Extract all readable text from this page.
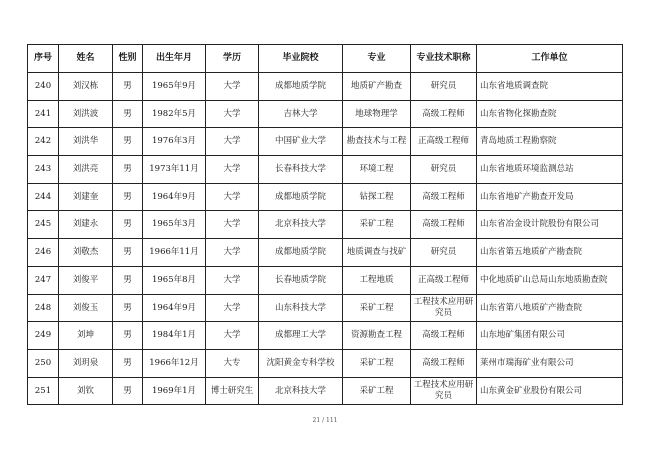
序号	姓名	性别	出生年月	学历	毕业院校	专业	专业技术职称	工作单位
240	刘汉栋	男	1965年9月	大学	成都地质学院	地质矿产勘查	研究员	山东省地质调查院
241	刘洪波	男	1982年5月	大学	吉林大学	地球物理学	高级工程师	山东省物化探勘查院
242	刘洪华	男	1976年3月	大学	中国矿业大学	勘查技术与工程	正高级工程师	青岛地质工程勘察院
243	刘洪亮	男	1973年11月	大学	长春科技大学	环境工程	研究员	山东省地质环境监测总站
244	刘建奎	男	1964年9月	大学	成都地质学院	钻探工程	高级工程师	山东省地矿产勘查开发局
245	刘建永	男	1965年3月	大学	北京科技大学	采矿工程	高级工程师	山东省冶金设计院股份有限公司
246	刘敬杰	男	1966年11月	大学	成都地质学院	地质调查与找矿	研究员	山东省第五地质矿产勘查院
247	刘俊平	男	1965年8月	大学	长春地质学院	工程地质	正高级工程师	中化地质矿山总局山东地质勘查院
248	刘俊玉	男	1964年9月	大学	山东科技大学	采矿工程	工程技术应用研究员	山东省第八地质矿产勘查院
249	刘坤	男	1984年1月	大学	成都理工大学	资源勘查工程	高级工程师	山东地矿集团有限公司
250	刘玥泉	男	1966年12月	大专	沈阳黄金专科学校	采矿工程	高级工程师	莱州市瑞海矿业有限公司
251	刘钦	男	1969年1月	博士研究生	北京科技大学	采矿工程	工程技术应用研究员	山东黄金矿业股份有限公司
21 / 111
